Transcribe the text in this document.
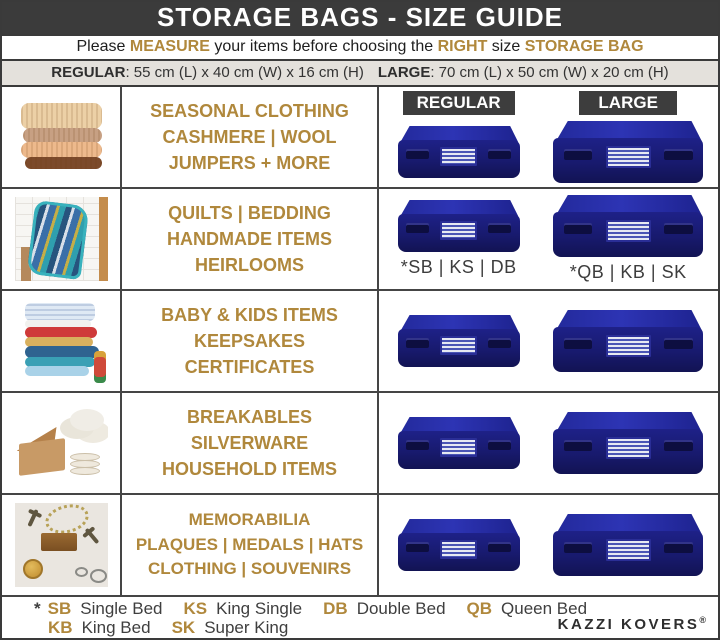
STORAGE BAGS - SIZE GUIDE
Please MEASURE your items before choosing the RIGHT size STORAGE BAG
REGULAR: 55 cm (L) x 40 cm (W) x 16 cm (H) LARGE: 70 cm (L) x 50 cm (W) x 20 cm (H)
SEASONAL CLOTHING
CASHMERE | WOOL
JUMPERS + MORE
REGULAR	LARGE
QUILTS | BEDDING
HANDMADE ITEMS
HEIRLOOMS	*SB | KS | DB	*QB | KB | SK
BABY & KIDS ITEMS
KEEPSAKES
CERTIFICATES
BREAKABLES
SILVERWARE
HOUSEHOLD ITEMS
MEMORABILIA
PLAQUES | MEDALS | HATS
CLOTHING | SOUVENIRS
* SB Single Bed KS King Single DB Double Bed QB Queen Bed
KB King Bed SK Super King	KAZZI KOVERS®
